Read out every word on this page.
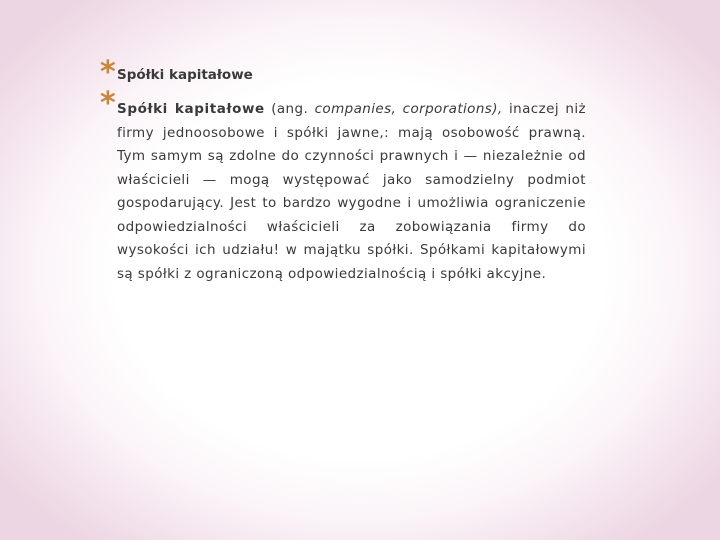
* Spółki kapitałowe
* Spółki kapitałowe (ang. companies, corporations), inaczej niż firmy jednoosobowe i spółki jawne,: mają osobowość prawną. Tym samym są zdolne do czynności prawnych i — niezależnie od właścicieli — mogą występować jako samodzielny podmiot gospodarujący. Jest to bardzo wygodne i umożliwia ograniczenie odpowiedzialności właścicieli za zobowiązania firmy do wysokości ich udziału! w majątku spółki. Spółkami kapitałowymi są spółki z ograniczoną odpowiedzialnością i spółki akcyjne.
